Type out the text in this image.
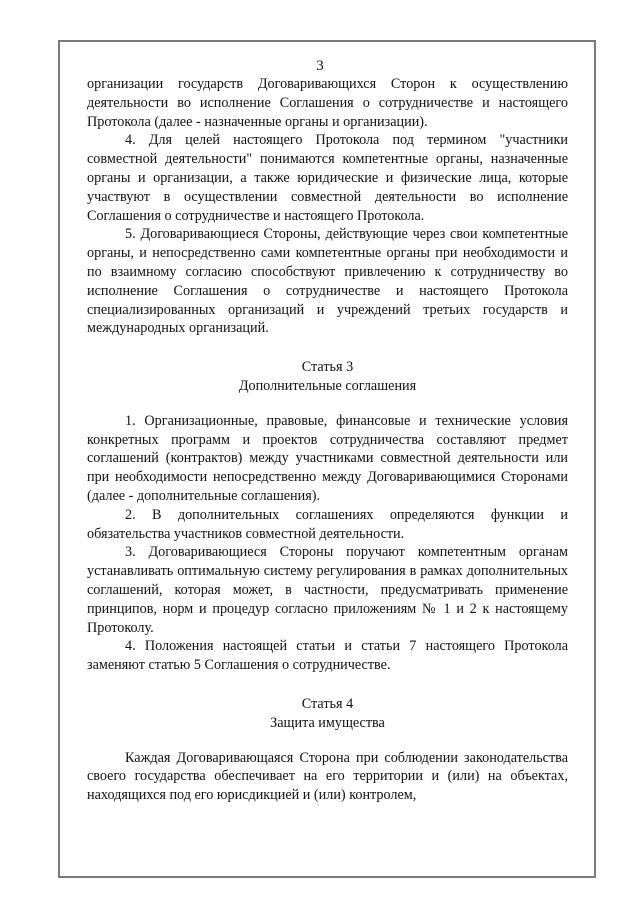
3

организации государств Договаривающихся Сторон к осуществлению деятельности во исполнение Соглашения о сотрудничестве и настоящего Протокола (далее - назначенные органы и организации).

4. Для целей настоящего Протокола под термином "участники совместной деятельности" понимаются компетентные органы, назначенные органы и организации, а также юридические и физические лица, которые участвуют в осуществлении совместной деятельности во исполнение Соглашения о сотрудничестве и настоящего Протокола.

5. Договаривающиеся Стороны, действующие через свои компетентные органы, и непосредственно сами компетентные органы при необходимости и по взаимному согласию способствуют привлечению к сотрудничеству во исполнение Соглашения о сотрудничестве и настоящего Протокола специализированных организаций и учреждений третьих государств и международных организаций.

Статья 3

Дополнительные соглашения

1. Организационные, правовые, финансовые и технические условия конкретных программ и проектов сотрудничества составляют предмет соглашений (контрактов) между участниками совместной деятельности или при необходимости непосредственно между Договаривающимися Сторонами (далее - дополнительные соглашения).

2. В дополнительных соглашениях определяются функции и обязательства участников совместной деятельности.

3. Договаривающиеся Стороны поручают компетентным органам устанавливать оптимальную систему регулирования в рамках дополнительных соглашений, которая может, в частности, предусматривать применение принципов, норм и процедур согласно приложениям № 1 и 2 к настоящему Протоколу.

4. Положения настоящей статьи и статьи 7 настоящего Протокола заменяют статью 5 Соглашения о сотрудничестве.

Статья 4

Защита имущества

Каждая Договаривающаяся Сторона при соблюдении законодательства своего государства обеспечивает на его территории и (или) на объектах, находящихся под его юрисдикцией и (или) контролем,
